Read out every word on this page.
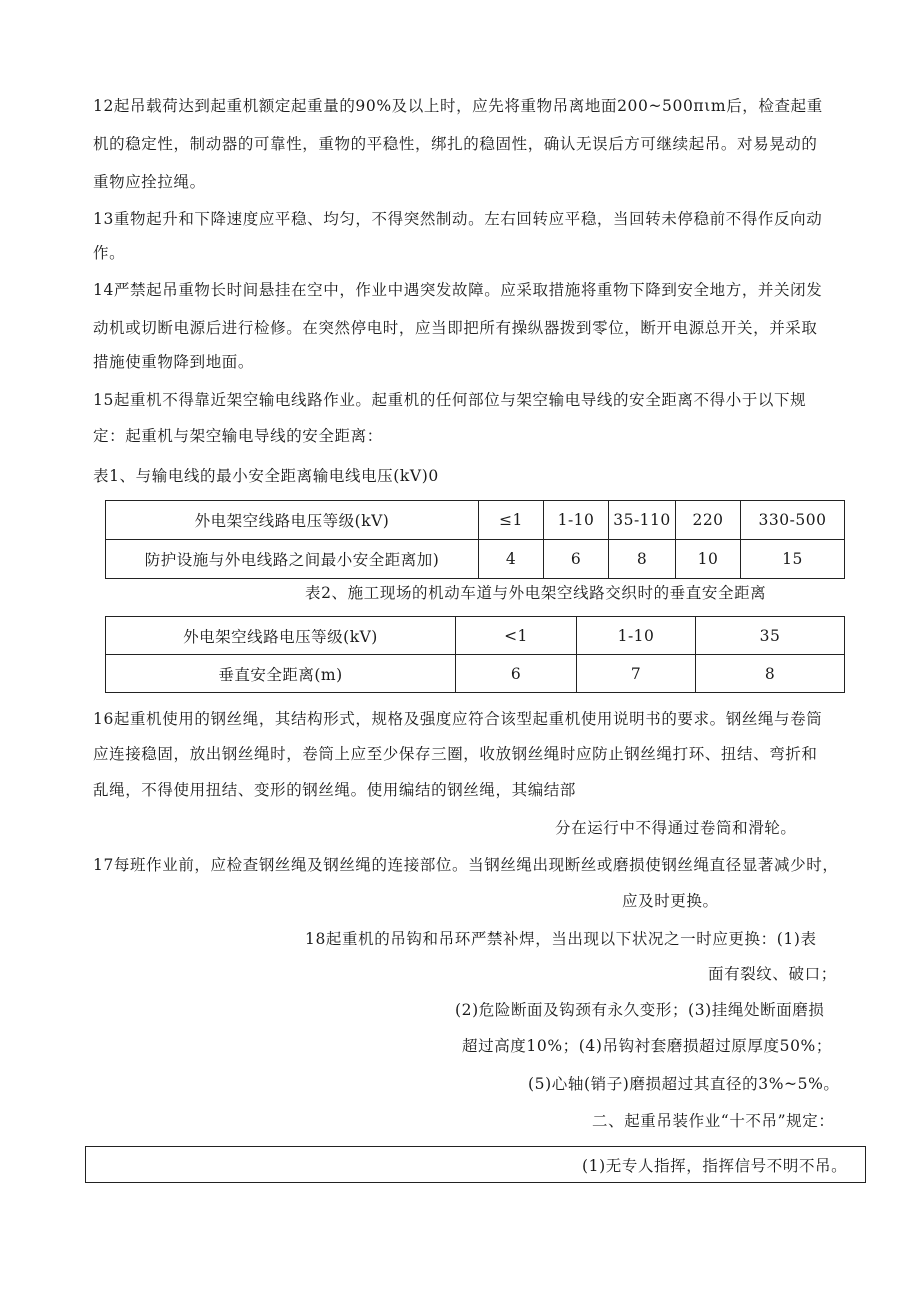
12起吊载荷达到起重机额定起重量的90%及以上时，应先将重物吊离地面200~500πιm后，检查起重
机的稳定性，制动器的可靠性，重物的平稳性，绑扎的稳固性，确认无误后方可继续起吊。对易晃动的
重物应拴拉绳。
13重物起升和下降速度应平稳、均匀，不得突然制动。左右回转应平稳，当回转未停稳前不得作反向动
作。
14严禁起吊重物长时间悬挂在空中，作业中遇突发故障。应采取措施将重物下降到安全地方，并关闭发
动机或切断电源后进行检修。在突然停电时，应当即把所有操纵器拨到零位，断开电源总开关，并采取
措施使重物降到地面。
15起重机不得靠近架空输电线路作业。起重机的任何部位与架空输电导线的安全距离不得小于以下规
定：起重机与架空输电导线的安全距离：
表1、与输电线的最小安全距离输电线电压(kV)0
外电架空线路电压等级(kV)	≤1	1-10	35-110	220	330-500
防护设施与外电线路之间最小安全距离加)	4	6	8	10	15
表2、施工现场的机动车道与外电架空线路交织时的垂直安全距离
外电架空线路电压等级(kV)	<1	1-10	35
垂直安全距离(m)	6	7	8
16起重机使用的钢丝绳，其结构形式，规格及强度应符合该型起重机使用说明书的要求。钢丝绳与卷筒
应连接稳固，放出钢丝绳时，卷筒上应至少保存三圈，收放钢丝绳时应防止钢丝绳打环、扭结、弯折和
乱绳，不得使用扭结、变形的钢丝绳。使用编结的钢丝绳，其编结部
分在运行中不得通过卷筒和滑轮。
17每班作业前，应检查钢丝绳及钢丝绳的连接部位。当钢丝绳出现断丝或磨损使钢丝绳直径显著减少时，
应及时更换。
18起重机的吊钩和吊环严禁补焊，当出现以下状况之一时应更换：(1)表
面有裂纹、破口；
(2)危险断面及钩颈有永久变形；(3)挂绳处断面磨损
超过高度10%；(4)吊钩衬套磨损超过原厚度50%；
(5)心轴(销子)磨损超过其直径的3%~5%。
二、起重吊装作业“十不吊”规定：
(1)无专人指挥，指挥信号不明不吊。
